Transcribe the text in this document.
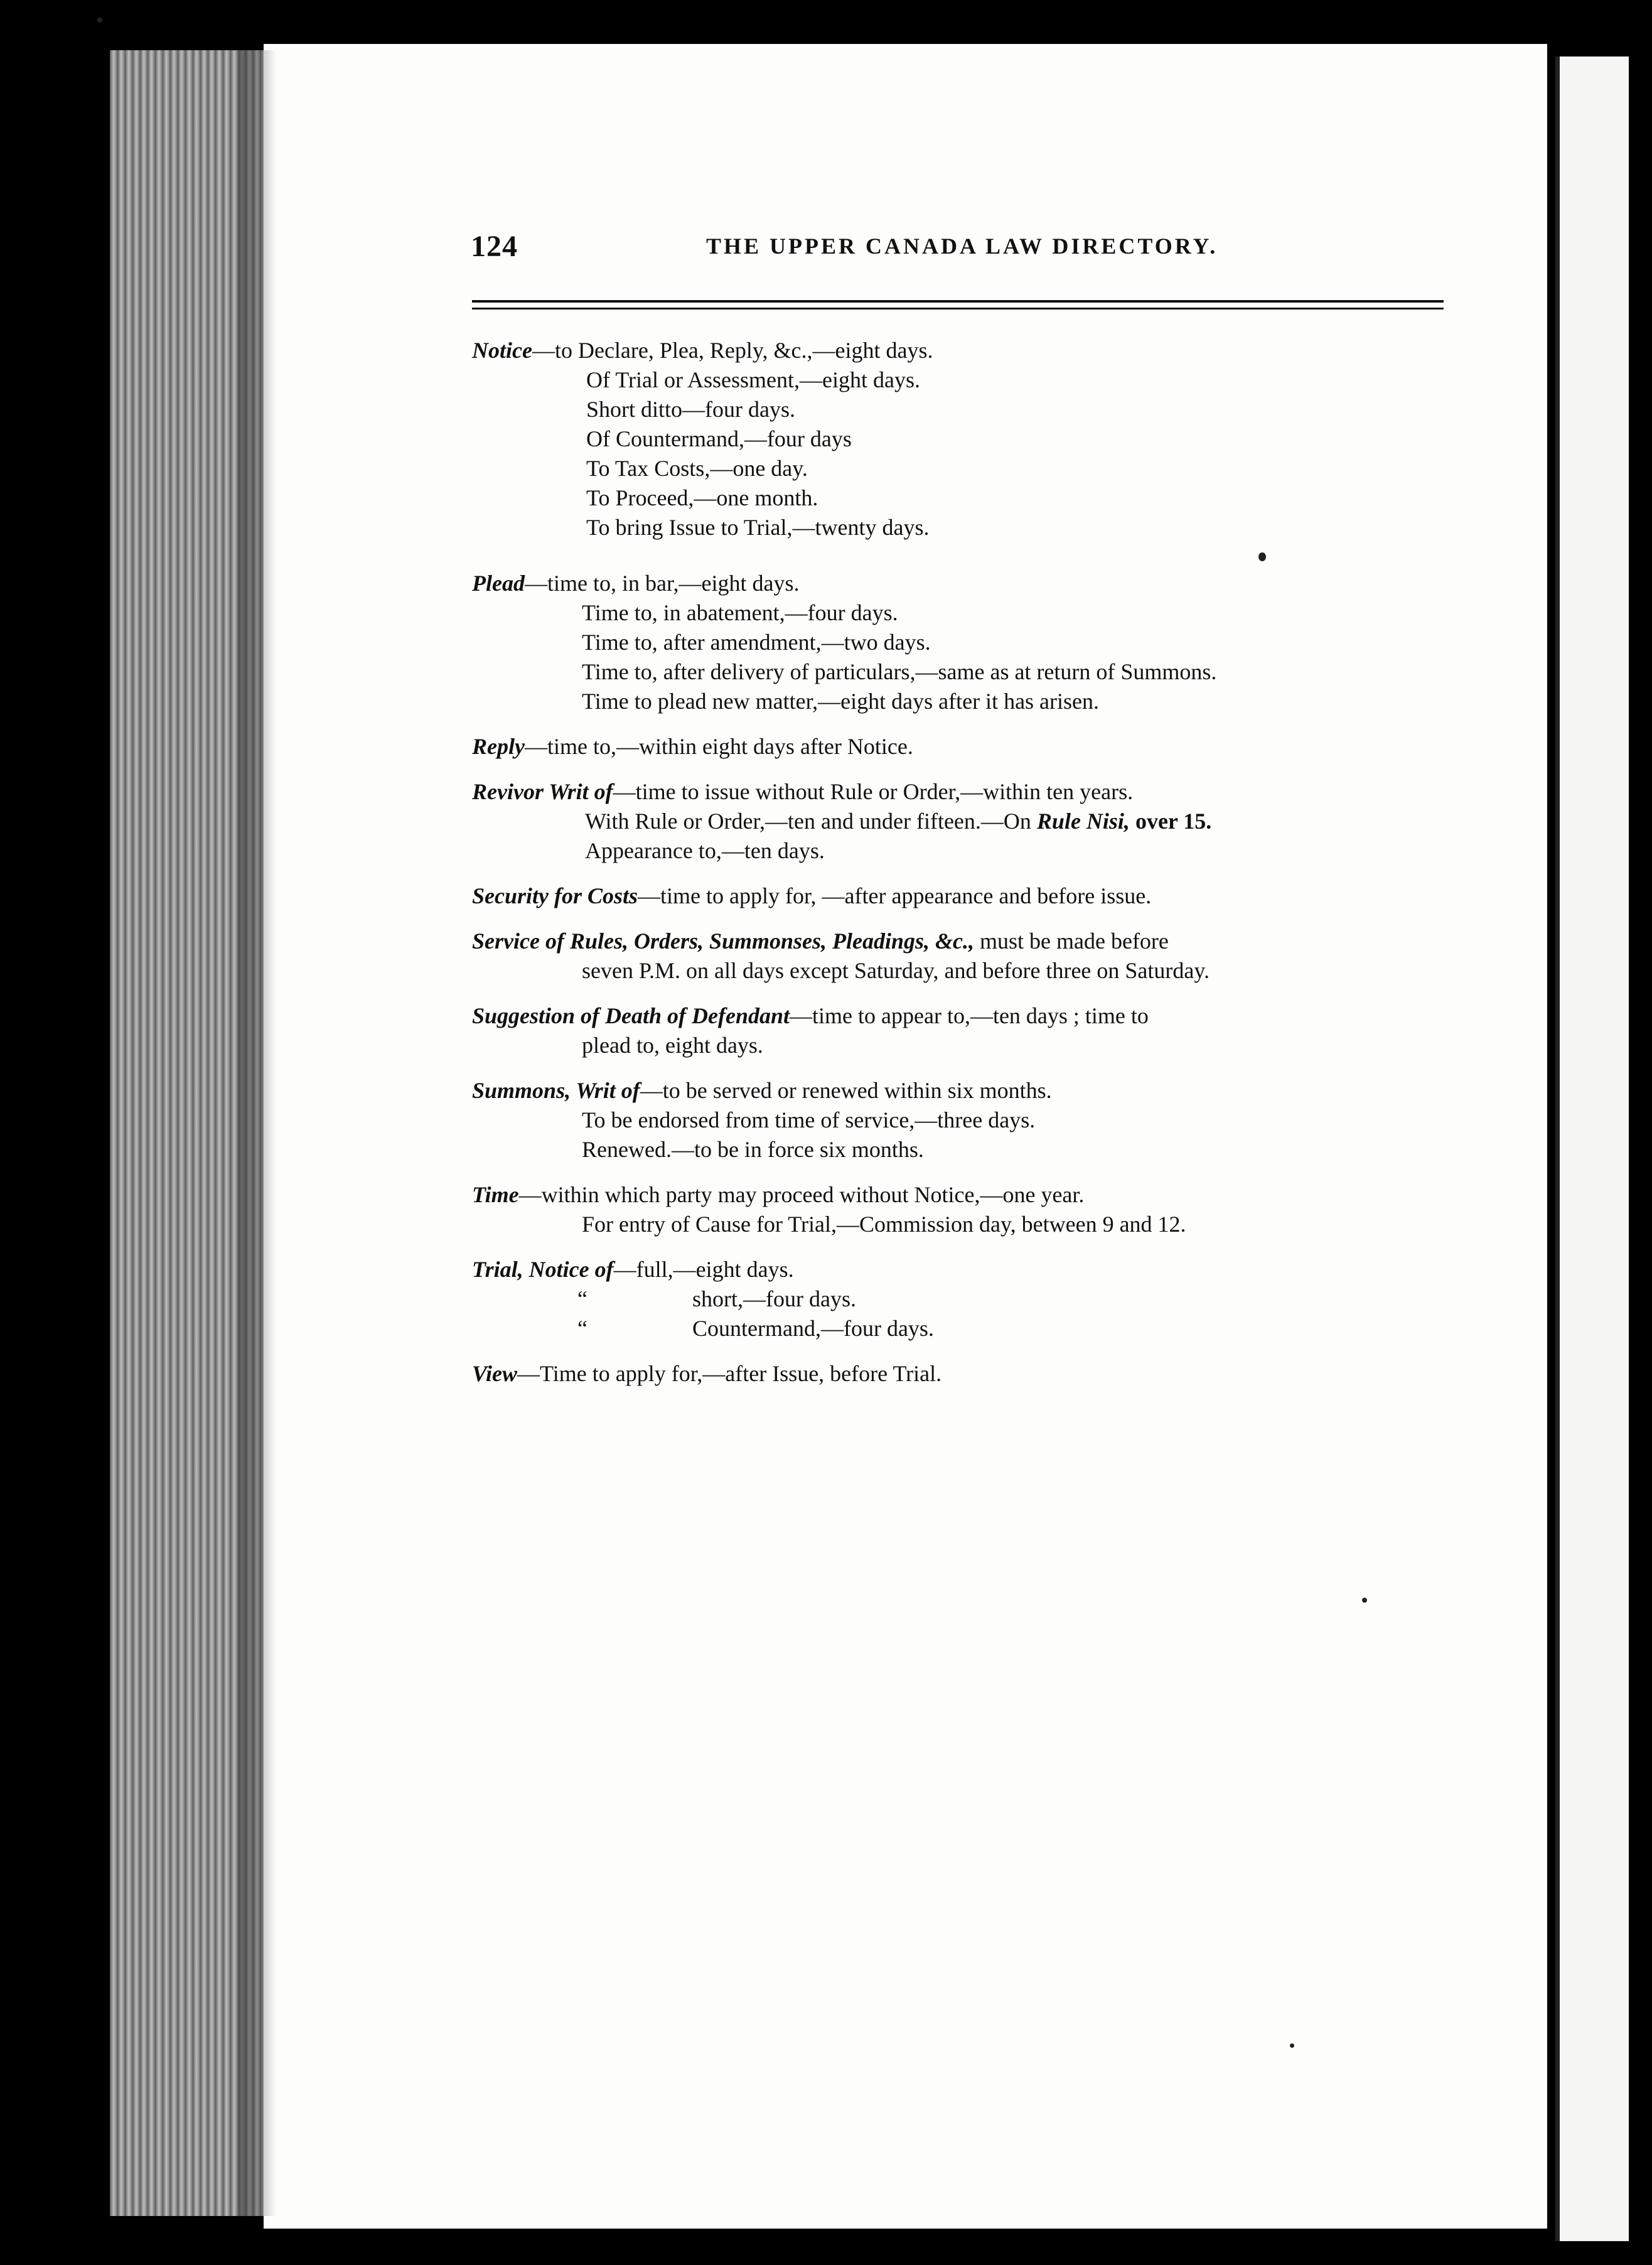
124	THE UPPER CANADA LAW DIRECTORY.
Notice—to Declare, Plea, Reply, &c.,—eight days.
Of Trial or Assessment,—eight days.
Short ditto—four days.
Of Countermand,—four days
To Tax Costs,—one day.
To Proceed,—one month.
To bring Issue to Trial,—twenty days.
Plead—time to, in bar,—eight days.
Time to, in abatement,—four days.
Time to, after amendment,—two days.
Time to, after delivery of particulars,—same as at return of Summons.
Time to plead new matter,—eight days after it has arisen.
Reply—time to,—within eight days after Notice.
Revivor Writ of—time to issue without Rule or Order,—within ten years.
With Rule or Order,—ten and under fifteen.—On Rule Nisi, over 15.
Appearance to,—ten days.
Security for Costs—time to apply for, —after appearance and before issue.
Service of Rules, Orders, Summonses, Pleadings, &c., must be made before
seven P.M. on all days except Saturday, and before three on Saturday.
Suggestion of Death of Defendant—time to appear to,—ten days ; time to
plead to, eight days.
Summons, Writ of—to be served or renewed within six months.
To be endorsed from time of service,—three days.
Renewed.—to be in force six months.
Time—within which party may proceed without Notice,—one year.
For entry of Cause for Trial,—Commission day, between 9 and 12.
Trial, Notice of—full,—eight days.
“	short,—four days.
“	Countermand,—four days.
View—Time to apply for,—after Issue, before Trial.
